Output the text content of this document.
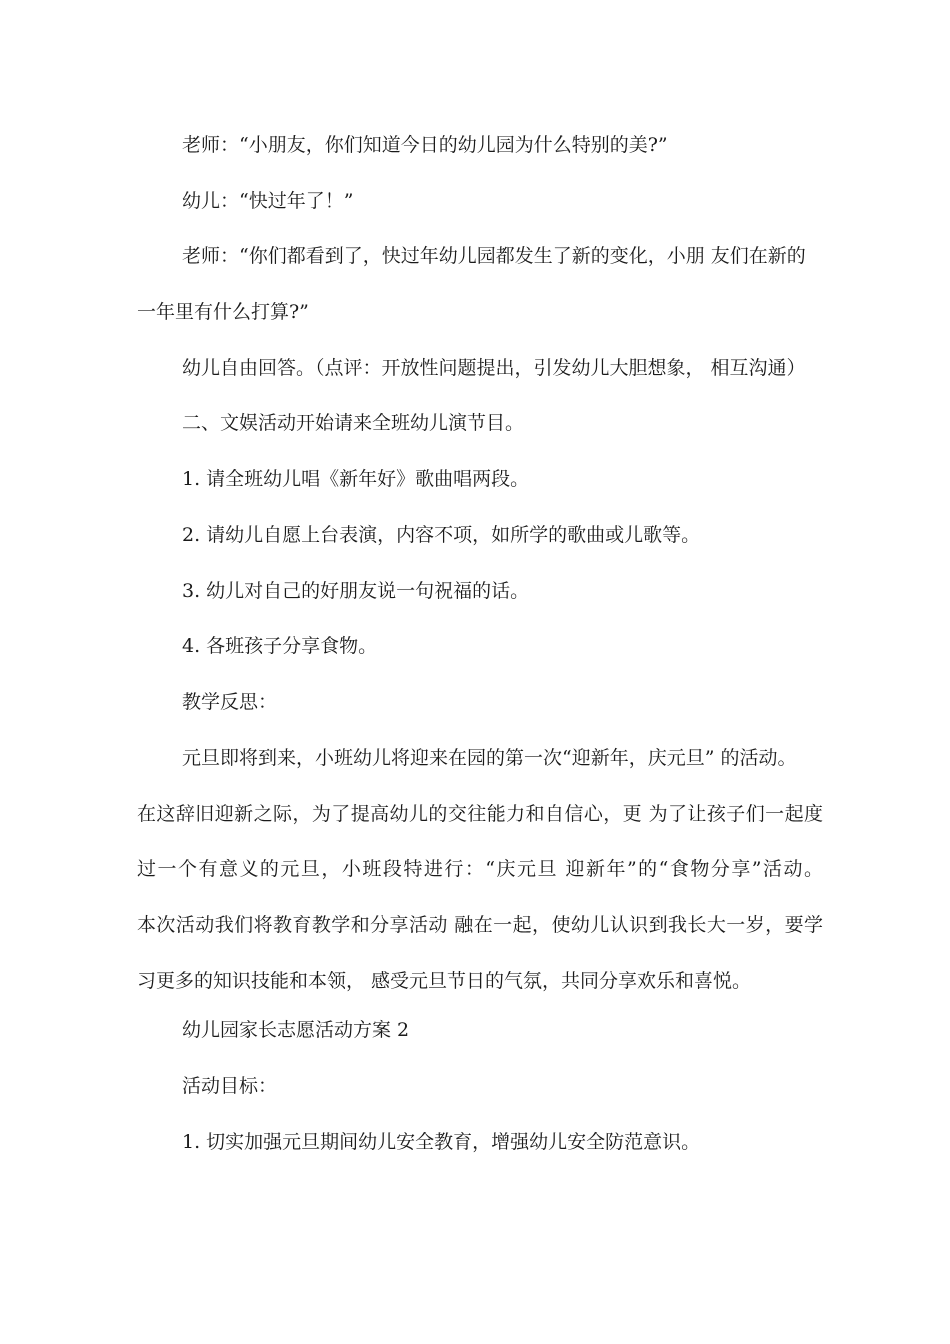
老师：“小朋友，你们知道今日的幼儿园为什么特别的美?”

幼儿：“快过年了！”

老师：“你们都看到了，快过年幼儿园都发生了新的变化，小朋 友们在新的

一年里有什么打算?”

幼儿自由回答。（点评：开放性问题提出，引发幼儿大胆想象， 相互沟通）

二、文娱活动开始请来全班幼儿演节目。

1. 请全班幼儿唱《新年好》歌曲唱两段。

2. 请幼儿自愿上台表演，内容不项，如所学的歌曲或儿歌等。

3. 幼儿对自己的好朋友说一句祝福的话。

4. 各班孩子分享食物。

教学反思：

元旦即将到来，小班幼儿将迎来在园的第一次“迎新年，庆元旦” 的活动。

在这辞旧迎新之际，为了提高幼儿的交往能力和自信心，更 为了让孩子们一起度

过一个有意义的元旦，小班段特进行：“庆元旦 迎新年”的“食物分享”活动。

本次活动我们将教育教学和分享活动 融在一起，使幼儿认识到我长大一岁，要学

习更多的知识技能和本领， 感受元旦节日的气氛，共同分享欢乐和喜悦。

幼儿园家长志愿活动方案 2

活动目标：

1. 切实加强元旦期间幼儿安全教育，增强幼儿安全防范意识。
